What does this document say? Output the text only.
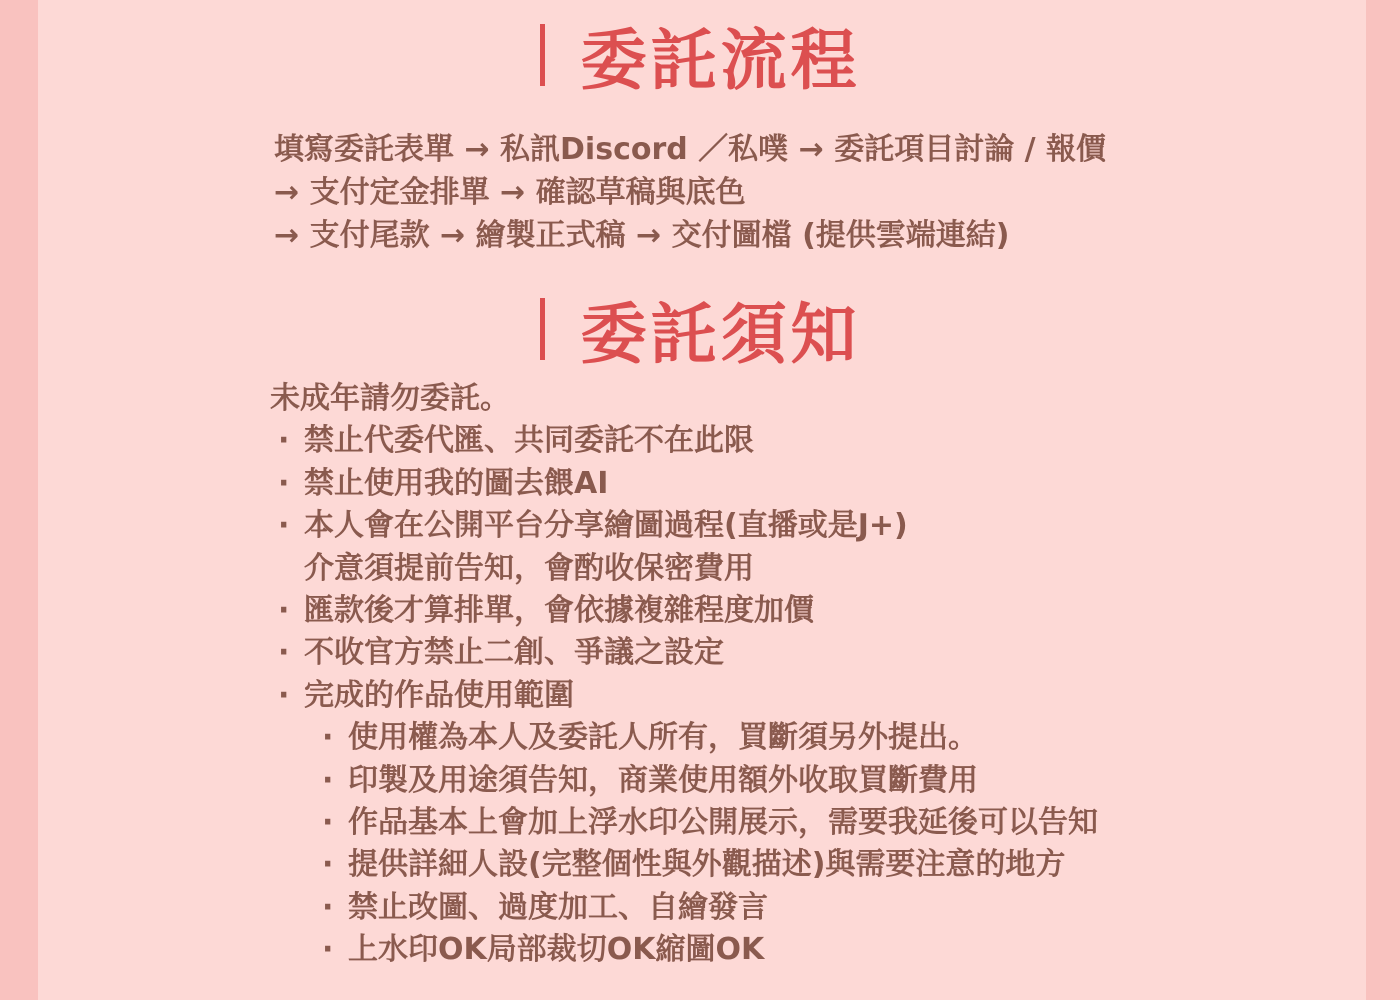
委託流程
填寫委託表單 → 私訊Discord ／私噗 → 委託項目討論 / 報價
→ 支付定金排單 → 確認草稿與底色
→ 支付尾款 → 繪製正式稿 → 交付圖檔 (提供雲端連結)
委託須知
未成年請勿委託。
· 禁止代委代匯、共同委託不在此限
· 禁止使用我的圖去餵AI
· 本人會在公開平台分享繪圖過程(直播或是J+)
介意須提前告知，會酌收保密費用
· 匯款後才算排單，會依據複雜程度加價
· 不收官方禁止二創、爭議之設定
· 完成的作品使用範圍
· 使用權為本人及委託人所有，買斷須另外提出。
· 印製及用途須告知，商業使用額外收取買斷費用
· 作品基本上會加上浮水印公開展示，需要我延後可以告知
· 提供詳細人設(完整個性與外觀描述)與需要注意的地方
· 禁止改圖、過度加工、自繪發言
· 上水印OK局部裁切OK縮圖OK
